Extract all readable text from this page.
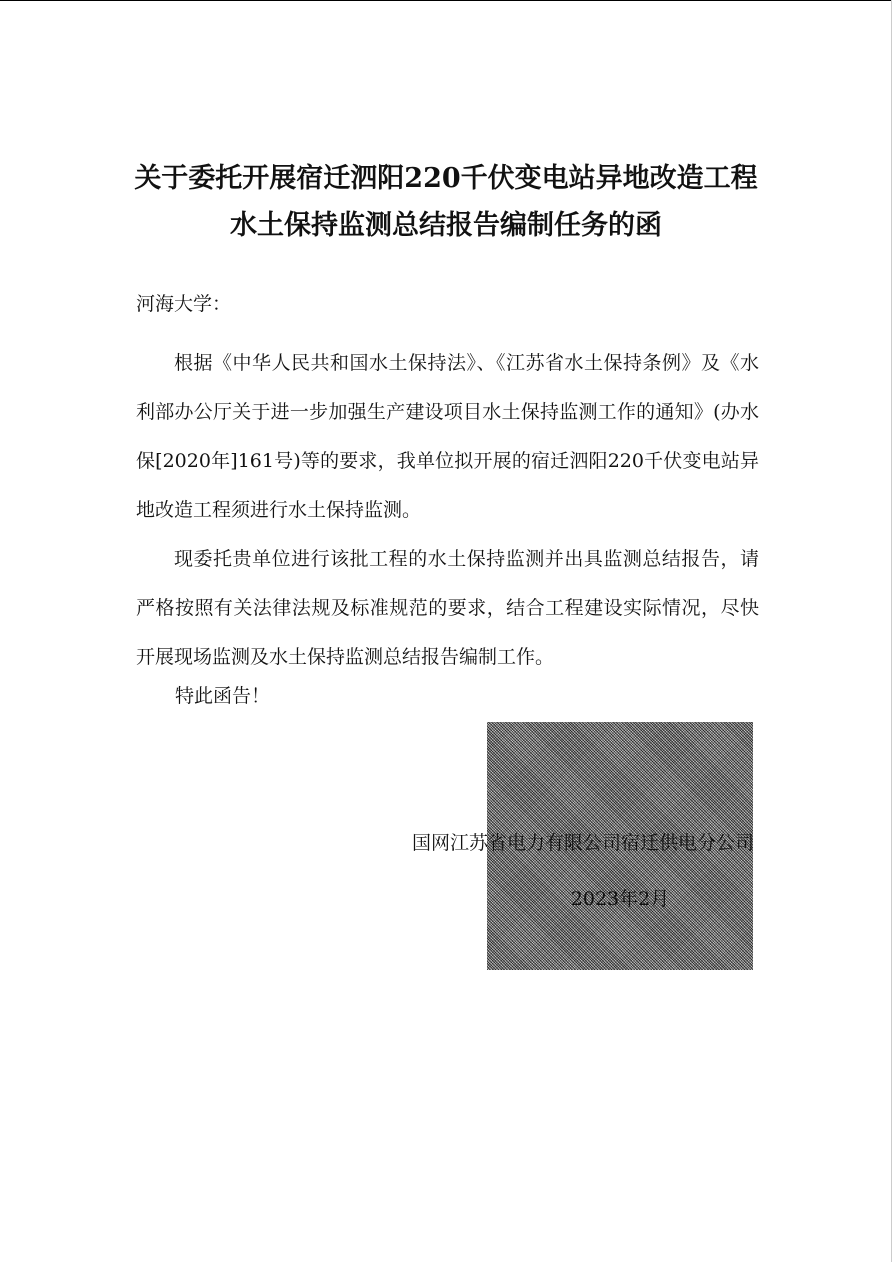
关于委托开展宿迁泗阳220千伏变电站异地改造工程
水土保持监测总结报告编制任务的函
河海大学：
根据《中华人民共和国水土保持法》、《江苏省水土保持条例》及《水利部办公厅关于进一步加强生产建设项目水土保持监测工作的通知》(办水保[2020年]161号)等的要求，我单位拟开展的宿迁泗阳220千伏变电站异地改造工程须进行水土保持监测。
现委托贵单位进行该批工程的水土保持监测并出具监测总结报告，请严格按照有关法律法规及标准规范的要求，结合工程建设实际情况，尽快开展现场监测及水土保持监测总结报告编制工作。
特此函告！
国网江苏省电力有限公司宿迁供电分公司
2023年2月
